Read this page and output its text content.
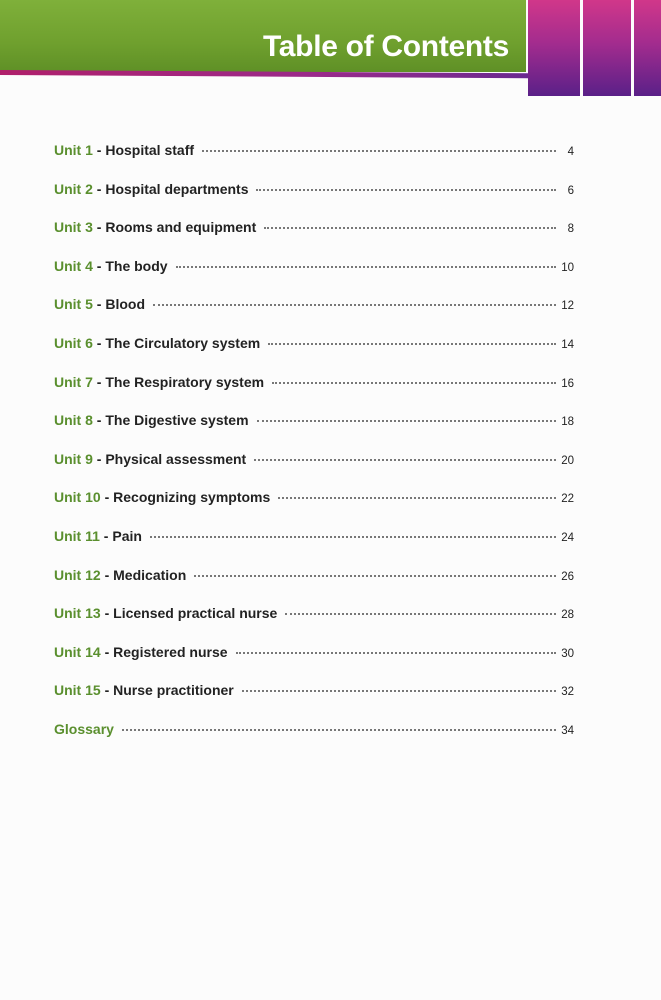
Table of Contents
Unit 1 - Hospital staff	4
Unit 2 - Hospital departments	6
Unit 3 - Rooms and equipment	8
Unit 4 - The body	10
Unit 5 - Blood	12
Unit 6 - The Circulatory system	14
Unit 7 - The Respiratory system	16
Unit 8 - The Digestive system	18
Unit 9 - Physical assessment	20
Unit 10 - Recognizing symptoms	22
Unit 11 - Pain	24
Unit 12 - Medication	26
Unit 13 - Licensed practical nurse	28
Unit 14 - Registered nurse	30
Unit 15 - Nurse practitioner	32
Glossary	34
